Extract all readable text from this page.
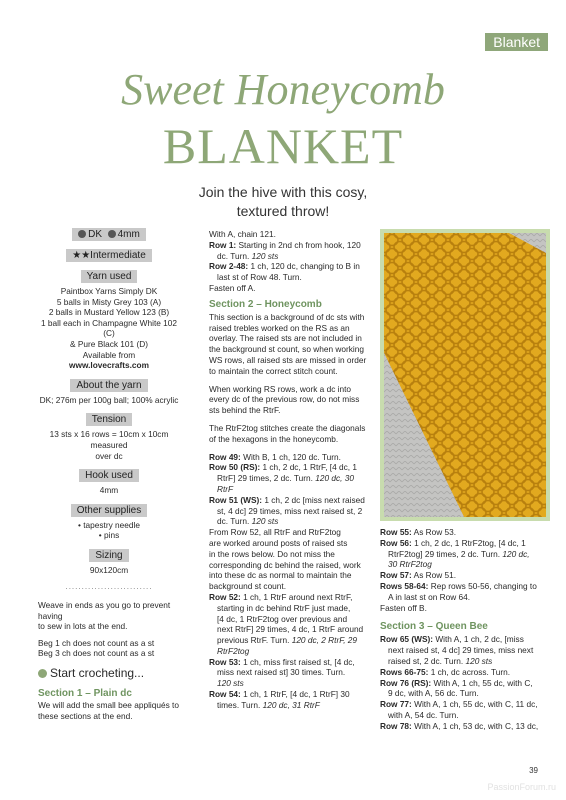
Blanket
Sweet Honeycomb
BLANKET
Join the hive with this cosy,
textured throw!
DK 4mm
★★Intermediate
Yarn used
Paintbox Yarns Simply DK
5 balls in Misty Grey 103 (A)
2 balls in Mustard Yellow 123 (B)
1 ball each in Champagne White 102 (C)
& Pure Black 101 (D)
Available from
www.lovecrafts.com
About the yarn
DK; 276m per 100g ball; 100% acrylic
Tension
13 sts x 16 rows = 10cm x 10cm measured
over dc
Hook used
4mm
Other supplies
• tapestry needle
• pins
Sizing
90x120cm
...........................
Weave in ends as you go to prevent having
to sew in lots at the end.
Beg 1 ch does not count as a st
Beg 3 ch does not count as a st
Start crocheting...
Section 1 – Plain dc
We will add the small bee appliqués to
these sections at the end.
With A, chain 121.
Row 1: Starting in 2nd ch from hook, 120
dc. Turn. 120 sts
Row 2-48: 1 ch, 120 dc, changing to B in
last st of Row 48. Turn.
Fasten off A.
Section 2 – Honeycomb
This section is a background of dc sts with
raised trebles worked on the RS as an
overlay. The raised sts are not included in
the background st count, so when working
WS rows, all raised sts are missed in order
to maintain the correct stitch count.
When working RS rows, work a dc into
every dc of the previous row, do not miss
sts behind the RtrF.
The RtrF2tog stitches create the diagonals
of the hexagons in the honeycomb.
Row 49: With B, 1 ch, 120 dc. Turn.
Row 50 (RS): 1 ch, 2 dc, 1 RtrF, [4 dc, 1
RtrF] 29 times, 2 dc. Turn. 120 dc, 30 RtrF
Row 51 (WS): 1 ch, 2 dc [miss next raised
st, 4 dc] 29 times, miss next raised st, 2
dc. Turn. 120 sts
From Row 52, all RtrF and RtrF2tog
are worked around posts of raised sts
in the rows below. Do not miss the
corresponding dc behind the raised, work
into these dc as normal to maintain the
background st count.
Row 52: 1 ch, 1 RtrF around next RtrF,
starting in dc behind RtrF just made,
[4 dc, 1 RtrF2tog over previous and
next RtrF] 29 times, 4 dc, 1 RtrF around
previous RtrF. Turn. 120 dc, 2 RtrF, 29
RtrF2tog
Row 53: 1 ch, miss first raised st, [4 dc,
miss next raised st] 30 times. Turn.
120 sts
Row 54: 1 ch, 1 RtrF, [4 dc, 1 RtrF] 30
times. Turn. 120 dc, 31 RtrF
Row 55: As Row 53.
Row 56: 1 ch, 2 dc, 1 RtrF2tog, [4 dc, 1
RtrF2tog] 29 times, 2 dc. Turn. 120 dc,
30 RtrF2tog
Row 57: As Row 51.
Rows 58-64: Rep rows 50-56, changing to
A in last st on Row 64.
Fasten off B.
Section 3 – Queen Bee
Row 65 (WS): With A, 1 ch, 2 dc, [miss
next raised st, 4 dc] 29 times, miss next
raised st, 2 dc. Turn. 120 sts
Rows 66-75: 1 ch, dc across. Turn.
Row 76 (RS): With A, 1 ch, 55 dc, with C,
9 dc, with A, 56 dc. Turn.
Row 77: With A, 1 ch, 55 dc, with C, 11 dc,
with A, 54 dc. Turn.
Row 78: With A, 1 ch, 53 dc, with C, 13 dc,
39
PassionForum.ru
